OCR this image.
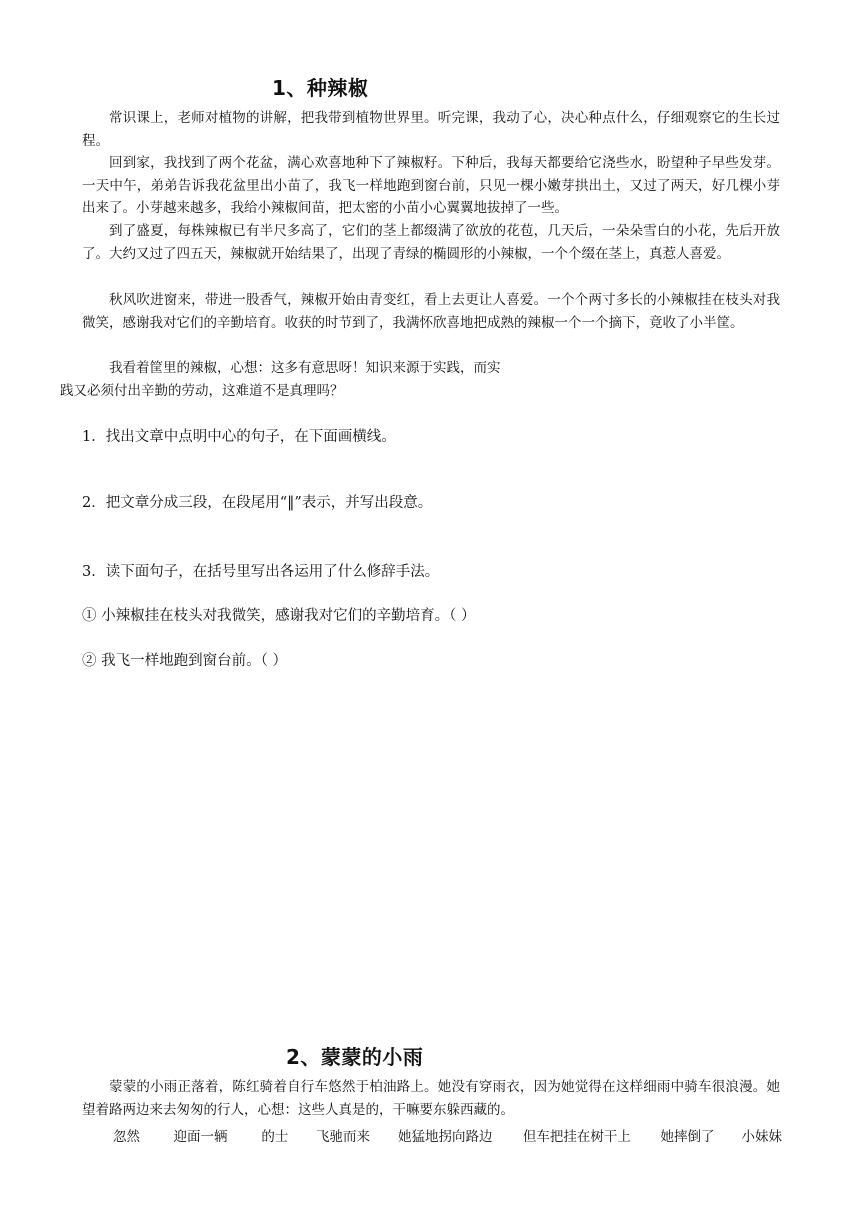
1、种辣椒
常识课上，老师对植物的讲解，把我带到植物世界里。听完课，我动了心，决心种点什么，仔细观察它的生长过程。
回到家，我找到了两个花盆，满心欢喜地种下了辣椒籽。下种后，我每天都要给它浇些水，盼望种子早些发芽。一天中午，弟弟告诉我花盆里出小苗了，我飞一样地跑到窗台前，只见一棵小嫩芽拱出土，又过了两天，好几棵小芽出来了。小芽越来越多，我给小辣椒间苗，把太密的小苗小心翼翼地拔掉了一些。
到了盛夏，每株辣椒已有半尺多高了，它们的茎上都缀满了欲放的花苞，几天后，一朵朵雪白的小花，先后开放了。大约又过了四五天，辣椒就开始结果了，出现了青绿的椭圆形的小辣椒，一个个缀在茎上，真惹人喜爱。
秋风吹进窗来，带进一股香气，辣椒开始由青变红，看上去更让人喜爱。一个个两寸多长的小辣椒挂在枝头对我微笑，感谢我对它们的辛勤培育。收获的时节到了，我满怀欣喜地把成熟的辣椒一个一个摘下，竟收了小半筐。
我看着筐里的辣椒，心想：这多有意思呀！知识来源于实践，而实
践又必须付出辛勤的劳动，这难道不是真理吗？
1．找出文章中点明中心的句子，在下面画横线。
2．把文章分成三段，在段尾用“‖”表示，并写出段意。
3．读下面句子，在括号里写出各运用了什么修辞手法。
① 小辣椒挂在枝头对我微笑，感谢我对它们的辛勤培育。（ ）
② 我飞一样地跑到窗台前。（ ）
2、蒙蒙的小雨
蒙蒙的小雨正落着，陈红骑着自行车悠然于柏油路上。她没有穿雨衣，因为她觉得在这样细雨中骑车很浪漫。她望着路两边来去匆匆的行人，心想：这些人真是的，干嘛要东躲西藏的。
忽然	迎面一辆	的士	飞驰而来	她猛地拐向路边	但车把挂在树干上	她摔倒了	小妹妹
